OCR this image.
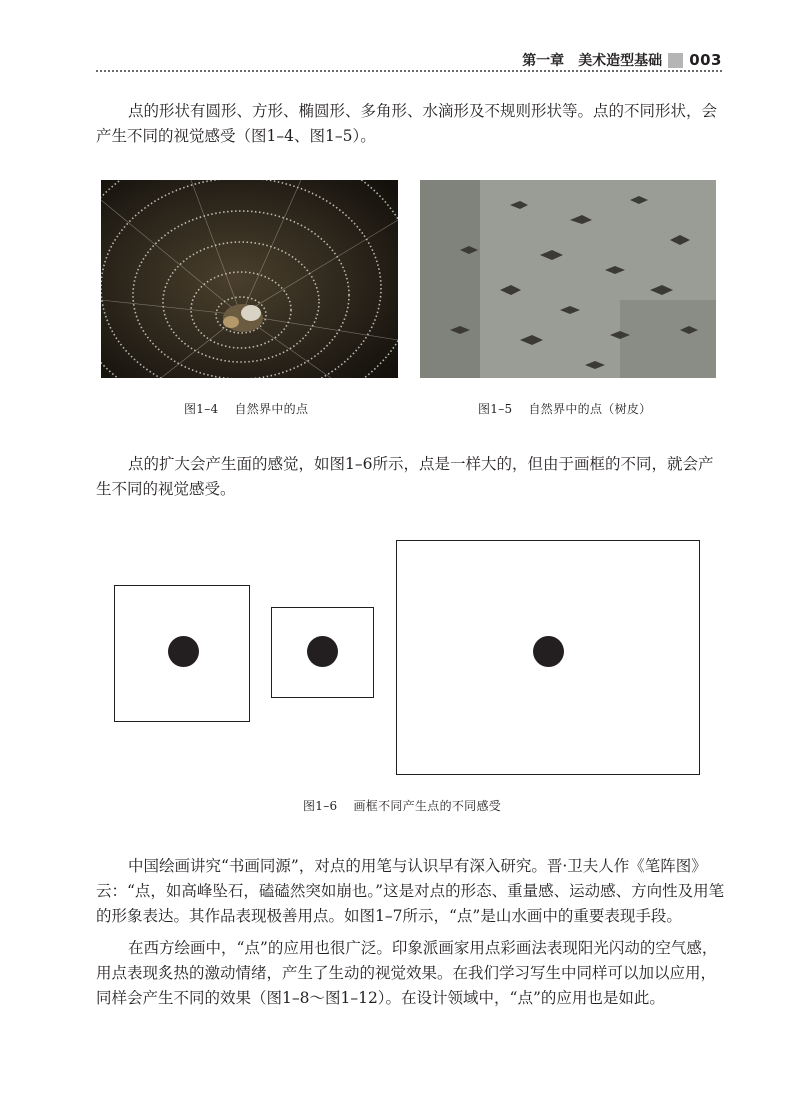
第一章 美术造型基础 003

点的形状有圆形、方形、椭圆形、多角形、水滴形及不规则形状等。点的不同形状，会产生不同的视觉感受（图1–4、图1–5）。

图1–4 自然界中的点	图1–5 自然界中的点（树皮）

点的扩大会产生面的感觉，如图1–6所示，点是一样大的，但由于画框的不同，就会产生不同的视觉感受。

图1–6 画框不同产生点的不同感受

中国绘画讲究“书画同源”，对点的用笔与认识早有深入研究。晋·卫夫人作《笔阵图》云：“点，如高峰坠石，磕磕然突如崩也。”这是对点的形态、重量感、运动感、方向性及用笔的形象表达。其作品表现极善用点。如图1–7所示，“点”是山水画中的重要表现手段。

在西方绘画中，“点”的应用也很广泛。印象派画家用点彩画法表现阳光闪动的空气感，用点表现炙热的激动情绪，产生了生动的视觉效果。在我们学习写生中同样可以加以应用，同样会产生不同的效果（图1–8～图1–12）。在设计领域中，“点”的应用也是如此。
